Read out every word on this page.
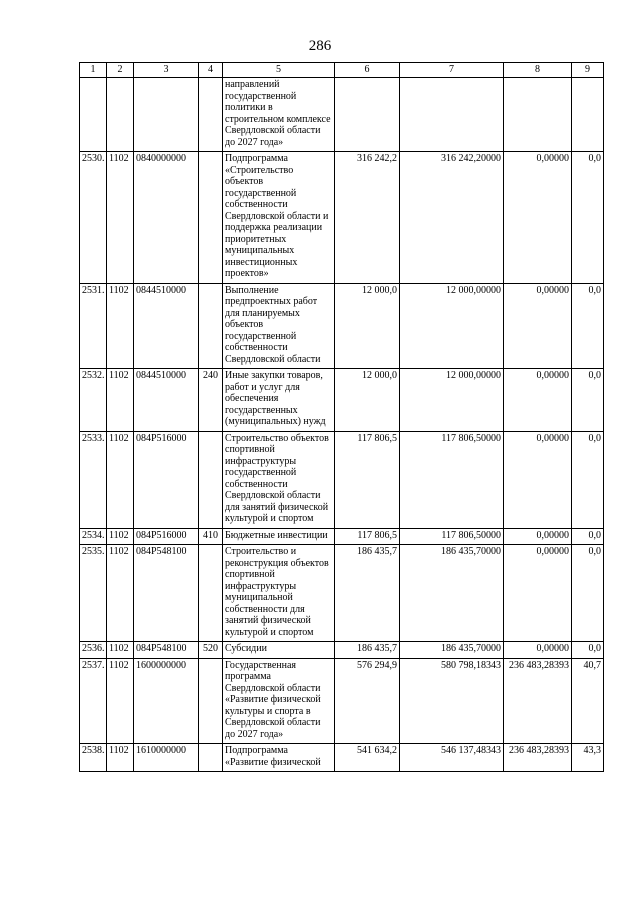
286
1	2	3	4	5	6	7	8	9
				направлений государственной политики в строительном комплексе Свердловской области до 2027 года»				
2530.	1102	0840000000		Подпрограмма «Строительство объектов государственной собственности Свердловской области и поддержка реализации приоритетных муниципальных инвестиционных проектов»	316 242,2	316 242,20000	0,00000	0,0
2531.	1102	0844510000		Выполнение предпроектных работ для планируемых объектов государственной собственности Свердловской области	12 000,0	12 000,00000	0,00000	0,0
2532.	1102	0844510000	240	Иные закупки товаров, работ и услуг для обеспечения государственных (муниципальных) нужд	12 000,0	12 000,00000	0,00000	0,0
2533.	1102	084Р516000		Строительство объектов спортивной инфраструктуры государственной собственности Свердловской области для занятий физической культурой и спортом	117 806,5	117 806,50000	0,00000	0,0
2534.	1102	084Р516000	410	Бюджетные инвестиции	117 806,5	117 806,50000	0,00000	0,0
2535.	1102	084Р548100		Строительство и реконструкция объектов спортивной инфраструктуры муниципальной собственности для занятий физической культурой и спортом	186 435,7	186 435,70000	0,00000	0,0
2536.	1102	084Р548100	520	Субсидии	186 435,7	186 435,70000	0,00000	0,0
2537.	1102	1600000000		Государственная программа Свердловской области «Развитие физической культуры и спорта в Свердловской области до 2027 года»	576 294,9	580 798,18343	236 483,28393	40,7
2538.	1102	1610000000		Подпрограмма «Развитие физической	541 634,2	546 137,48343	236 483,28393	43,3
